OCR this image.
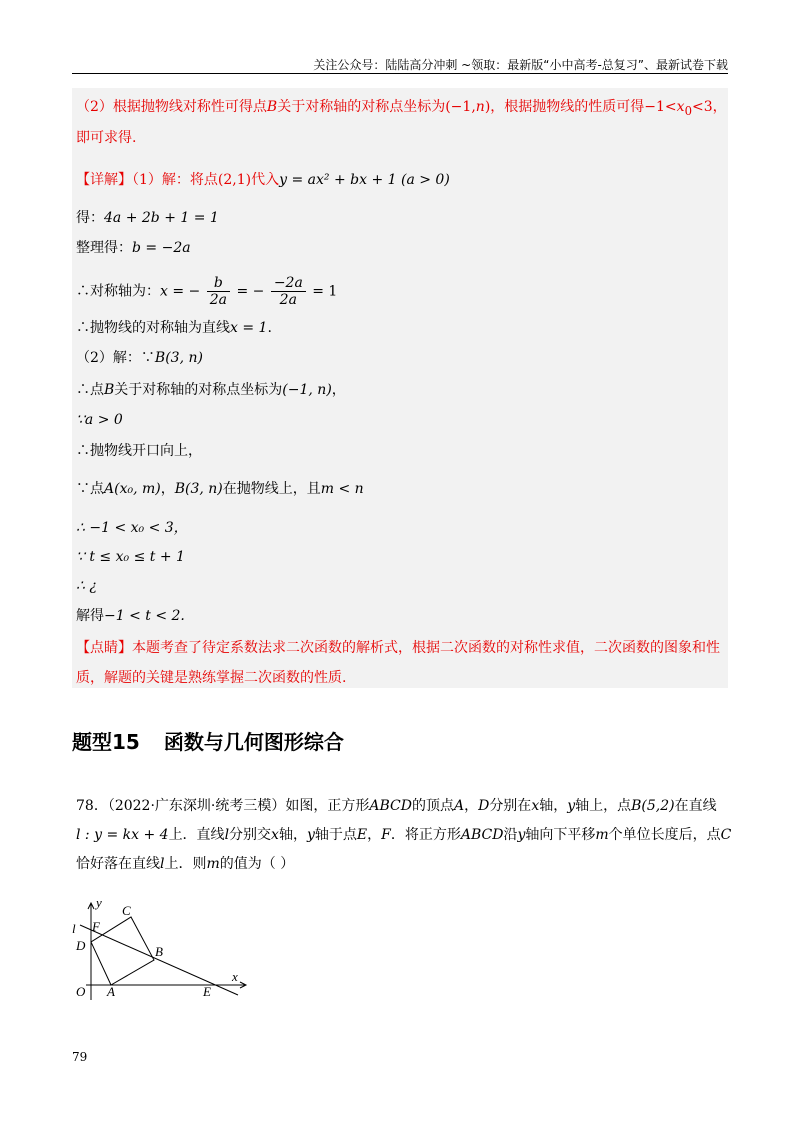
关注公众号：陆陆高分冲刺 ~领取：最新版“小中高考-总复习”、最新试卷下载
（2）根据抛物线对称性可得点B关于对称轴的对称点坐标为(−1,n)，根据抛物线的性质可得$-1<x_0<3$，
即可求得.
【详解】（1）解：将点(2,1)代入y = ax² + bx + 1 (a > 0)
得：4a + 2b + 1 = 1
整理得：b = −2a
∴对称轴为：x = − $\frac{b}{2a}$ = − $\frac{-2a}{2a} = 1$
∴抛物线的对称轴为直线x = 1.
（2）解：∵B(3, n)
∴点B关于对称轴的对称点坐标为(−1, n)，
∵a > 0
∴抛物线开口向上，
∵点A(x₀, m)，B(3, n)在抛物线上，且m < n
∴ −1 < x₀ < 3，
∵ t ≤ x₀ ≤ t + 1
∴ ¿
解得−1 < t < 2.
【点睛】本题考查了待定系数法求二次函数的解析式，根据二次函数的对称性求值，二次函数的图象和性
质，解题的关键是熟练掌握二次函数的性质.
题型15 函数与几何图形综合
78．（2022·广东深圳·统考三模）如图，正方形ABCD的顶点A，D分别在x轴，y轴上，点B(5,2)在直线
l : y = kx + 4上．直线l分别交x轴，y轴于点E，F．将正方形ABCD沿y轴向下平移m个单位长度后，点C
恰好落在直线l上．则m的值为（ ）
y
x
O A
B
C
D
E
F
l
79
